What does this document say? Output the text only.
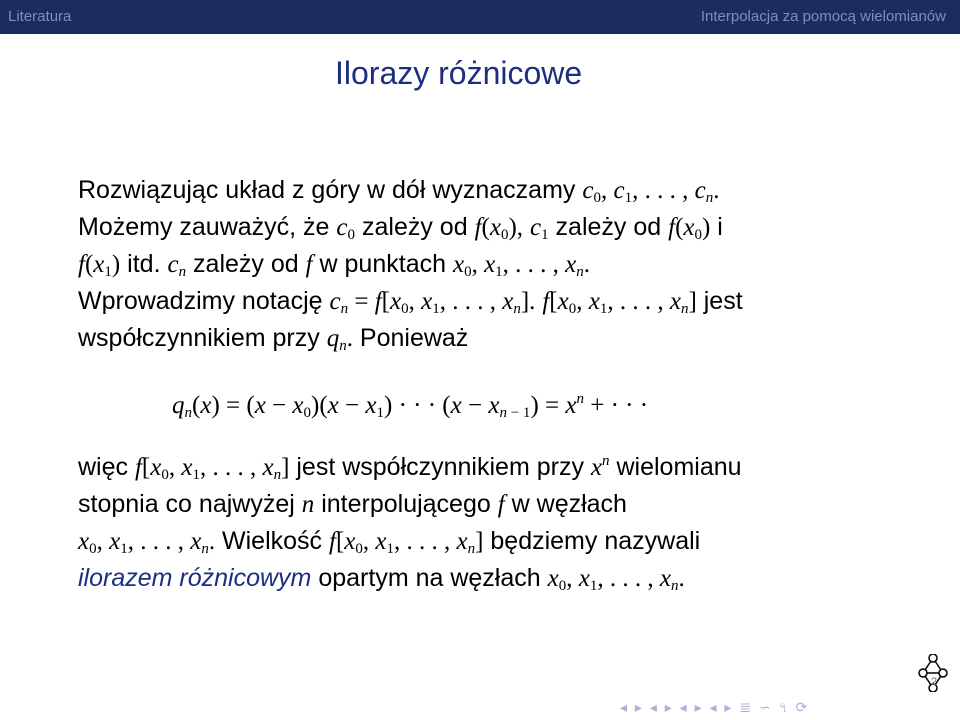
Literatura	Interpolacja za pomocą wielomianów
Ilorazy różnicowe
Rozwiązując układ z góry w dół wyznaczamy $c_0$, $c_1$, . . . , $c_n$.
Możemy zauważyć, że $c_0$ zależy od $f(x_0)$, $c_1$ zależy od $f(x_0)$ i
$f(x_1)$ itd. $c_n$ zależy od f w punktach $x_0$, $x_1$, . . . , $x_n$.
Wprowadzimy notację $c_n = f[x_0$, $x_1$, . . . , $x_n$]. $f[x_0$, $x_1$, . . . , $x_n$] jest
współczynnikiem przy $q_n$. Ponieważ
$q_n(x) = (x - x_0)(x - x_1)$ · · · $(x - x_{n - 1}) = x^n$ + · · ·
więc $f[x_0$, $x_1$, . . . , $x_n$] jest współczynnikiem przy $x^n$ wielomianu
stopnia co najwyżej n interpolującego f w węzłach
$x_0$, $x_1$, . . . , $x_n$. Wielkość $f[x_0$, $x_1$, . . . , $x_n$] będziemy nazywali
ilorazem różnicowym opartym na węzłach $x_0$, $x_1$, . . . , $x_n$.
2
◂ ▸ ◂ ▸ ◂ ▸ ◂ ▸ ≣ ∽ ৭ ⟳
